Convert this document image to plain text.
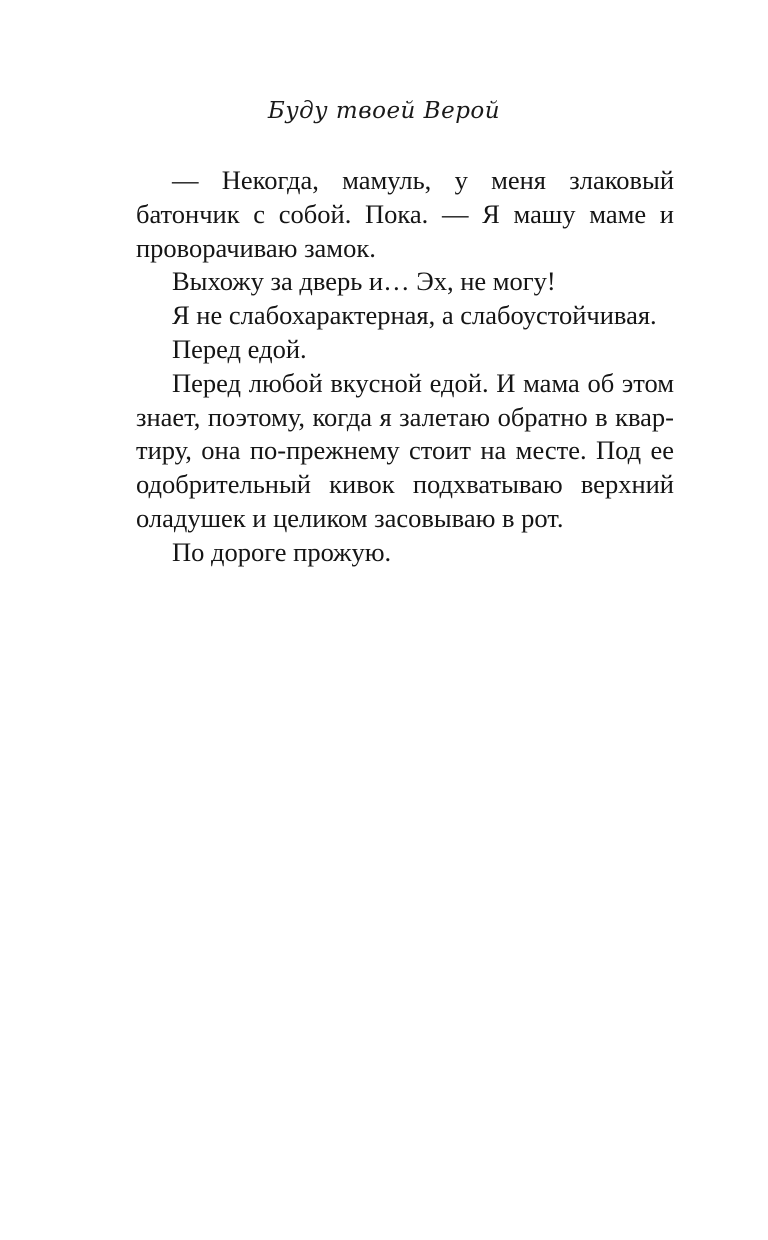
Буду твоей Верой

— Некогда, мамуль, у меня злаковый батончик с собой. Пока. — Я машу маме и проворачиваю замок.

Выхожу за дверь и… Эх, не могу!

Я не слабохарактерная, а слабоустойчивая.

Перед едой.

Перед любой вкусной едой. И мама об этом знает, поэтому, когда я залетаю обратно в квартиру, она по-прежнему стоит на месте. Под ее одобрительный кивок подхватываю верхний оладушек и целиком засовываю в рот.

По дороге прожую.
